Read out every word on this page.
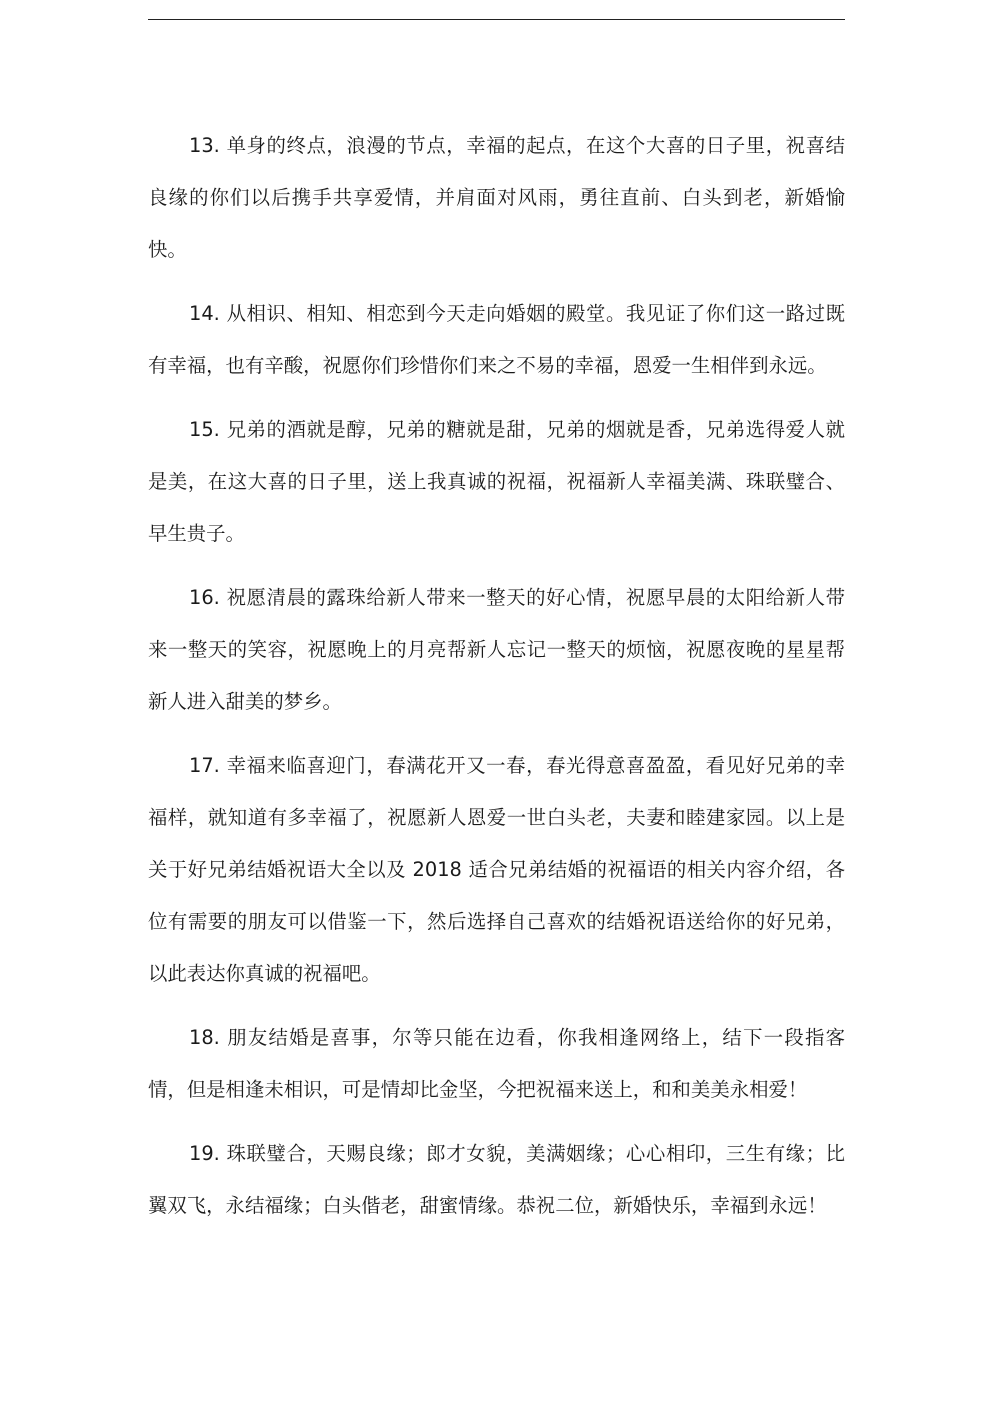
13. 单身的终点，浪漫的节点，幸福的起点，在这个大喜的日子里，祝喜结良缘的你们以后携手共享爱情，并肩面对风雨，勇往直前、白头到老，新婚愉快。

14. 从相识、相知、相恋到今天走向婚姻的殿堂。我见证了你们这一路过既有幸福，也有辛酸，祝愿你们珍惜你们来之不易的幸福，恩爱一生相伴到永远。

15. 兄弟的酒就是醇，兄弟的糖就是甜，兄弟的烟就是香，兄弟选得爱人就是美，在这大喜的日子里，送上我真诚的祝福，祝福新人幸福美满、珠联璧合、早生贵子。

16. 祝愿清晨的露珠给新人带来一整天的好心情，祝愿早晨的太阳给新人带来一整天的笑容，祝愿晚上的月亮帮新人忘记一整天的烦恼，祝愿夜晚的星星帮新人进入甜美的梦乡。

17. 幸福来临喜迎门，春满花开又一春，春光得意喜盈盈，看见好兄弟的幸福样，就知道有多幸福了，祝愿新人恩爱一世白头老，夫妻和睦建家园。以上是关于好兄弟结婚祝语大全以及 2018 适合兄弟结婚的祝福语的相关内容介绍，各位有需要的朋友可以借鉴一下，然后选择自己喜欢的结婚祝语送给你的好兄弟，以此表达你真诚的祝福吧。

18. 朋友结婚是喜事，尔等只能在边看，你我相逢网络上，结下一段指客情，但是相逢未相识，可是情却比金坚，今把祝福来送上，和和美美永相爱！

19. 珠联璧合，天赐良缘；郎才女貌，美满姻缘；心心相印，三生有缘；比翼双飞，永结福缘；白头偕老，甜蜜情缘。恭祝二位，新婚快乐，幸福到永远！
